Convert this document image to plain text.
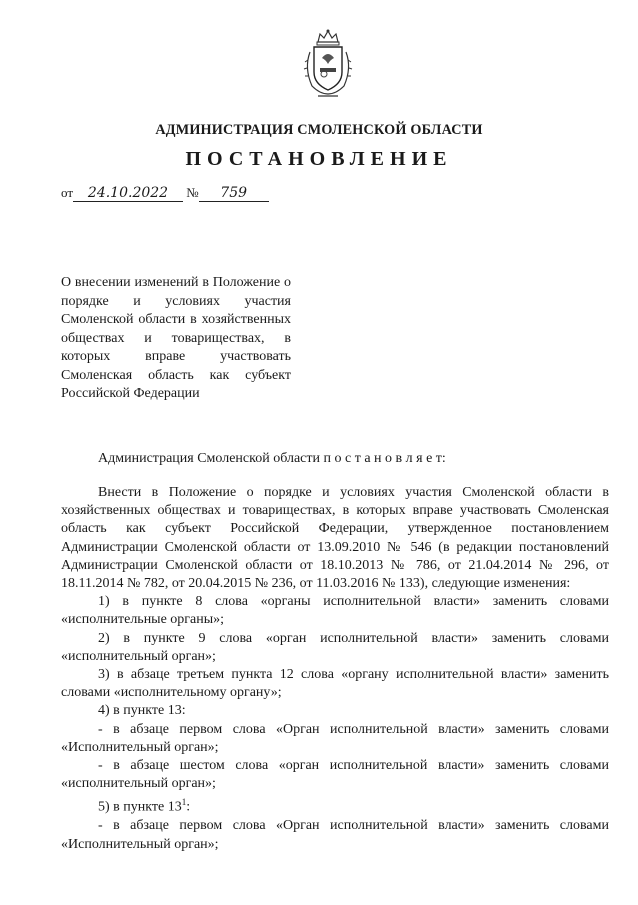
АДМИНИСТРАЦИЯ СМОЛЕНСКОЙ ОБЛАСТИ
ПОСТАНОВЛЕНИЕ
от 24.10.2022 № 759

О внесении изменений в Положение о порядке и условиях участия Смоленской области в хозяйственных обществах и товариществах, в которых вправе участвовать Смоленская область как субъект Российской Федерации

Администрация Смоленской области п о с т а н о в л я е т:

Внести в Положение о порядке и условиях участия Смоленской области в хозяйственных обществах и товариществах, в которых вправе участвовать Смоленская область как субъект Российской Федерации, утвержденное постановлением Администрации Смоленской области от 13.09.2010 № 546 (в редакции постановлений Администрации Смоленской области от 18.10.2013 № 786, от 21.04.2014 № 296, от 18.11.2014 № 782, от 20.04.2015 № 236, от 11.03.2016 № 133), следующие изменения:

1) в пункте 8 слова «органы исполнительной власти» заменить словами «исполнительные органы»;

2) в пункте 9 слова «орган исполнительной власти» заменить словами «исполнительный орган»;

3) в абзаце третьем пункта 12 слова «органу исполнительной власти» заменить словами «исполнительному органу»;

4) в пункте 13:

- в абзаце первом слова «Орган исполнительной власти» заменить словами «Исполнительный орган»;

- в абзаце шестом слова «орган исполнительной власти» заменить словами «исполнительный орган»;

5) в пункте $13^1$:

- в абзаце первом слова «Орган исполнительной власти» заменить словами «Исполнительный орган»;
